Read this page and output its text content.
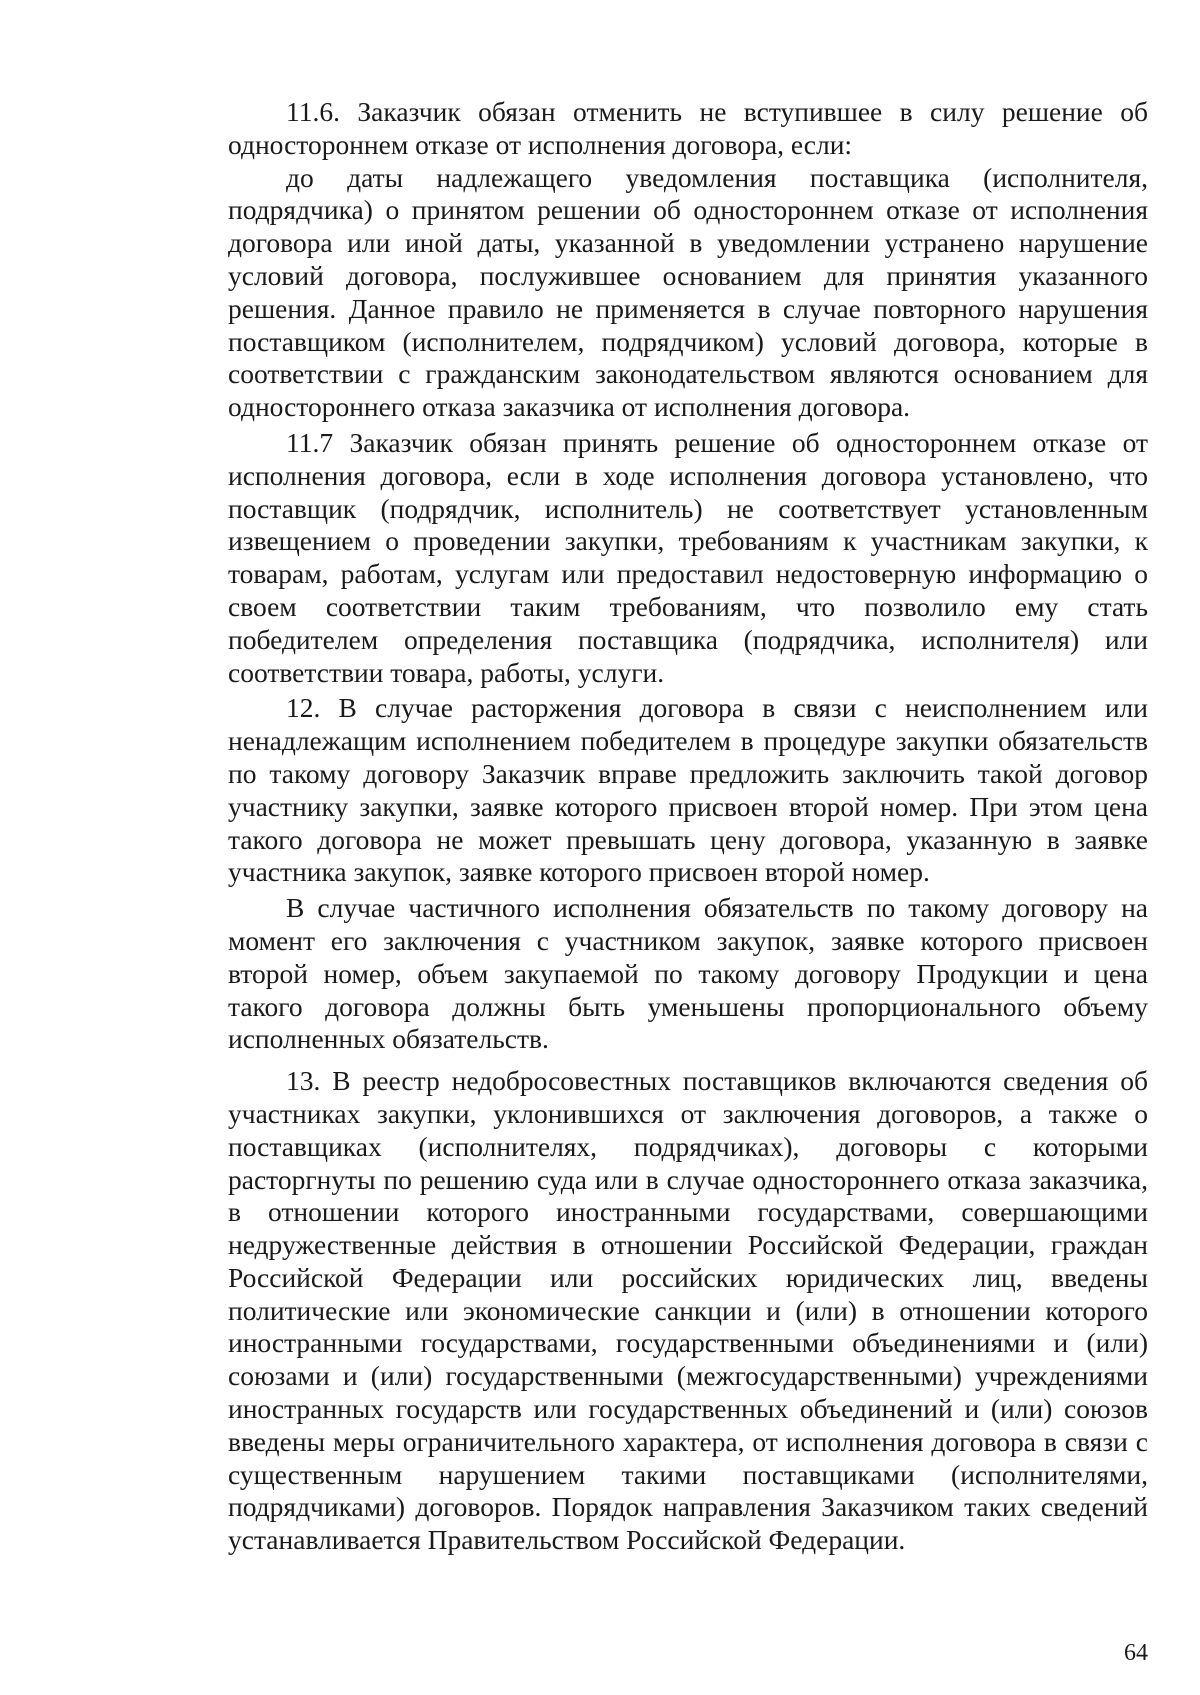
11.6. Заказчик обязан отменить не вступившее в силу решение об одностороннем отказе от исполнения договора, если:

до даты надлежащего уведомления поставщика (исполнителя, подрядчика) о принятом решении об одностороннем отказе от исполнения договора или иной даты, указанной в уведомлении устранено нарушение условий договора, послужившее основанием для принятия указанного решения. Данное правило не применяется в случае повторного нарушения поставщиком (исполнителем, подрядчиком) условий договора, которые в соответствии с гражданским законодательством являются основанием для одностороннего отказа заказчика от исполнения договора.

11.7 Заказчик обязан принять решение об одностороннем отказе от исполнения договора, если в ходе исполнения договора установлено, что поставщик (подрядчик, исполнитель) не соответствует установленным извещением о проведении закупки, требованиям к участникам закупки, к товарам, работам, услугам или предоставил недостоверную информацию о своем соответствии таким требованиям, что позволило ему стать победителем определения поставщика (подрядчика, исполнителя) или соответствии товара, работы, услуги.

12. В случае расторжения договора в связи с неисполнением или ненадлежащим исполнением победителем в процедуре закупки обязательств по такому договору Заказчик вправе предложить заключить такой договор участнику закупки, заявке которого присвоен второй номер. При этом цена такого договора не может превышать цену договора, указанную в заявке участника закупок, заявке которого присвоен второй номер.

В случае частичного исполнения обязательств по такому договору на момент его заключения с участником закупок, заявке которого присвоен второй номер, объем закупаемой по такому договору Продукции и цена такого договора должны быть уменьшены пропорционального объему исполненных обязательств.

13. В реестр недобросовестных поставщиков включаются сведения об участниках закупки, уклонившихся от заключения договоров, а также о поставщиках (исполнителях, подрядчиках), договоры с которыми расторгнуты по решению суда или в случае одностороннего отказа заказчика, в отношении которого иностранными государствами, совершающими недружественные действия в отношении Российской Федерации, граждан Российской Федерации или российских юридических лиц, введены политические или экономические санкции и (или) в отношении которого иностранными государствами, государственными объединениями и (или) союзами и (или) государственными (межгосударственными) учреждениями иностранных государств или государственных объединений и (или) союзов введены меры ограничительного характера, от исполнения договора в связи с существенным нарушением такими поставщиками (исполнителями, подрядчиками) договоров. Порядок направления Заказчиком таких сведений устанавливается Правительством Российской Федерации.

64
